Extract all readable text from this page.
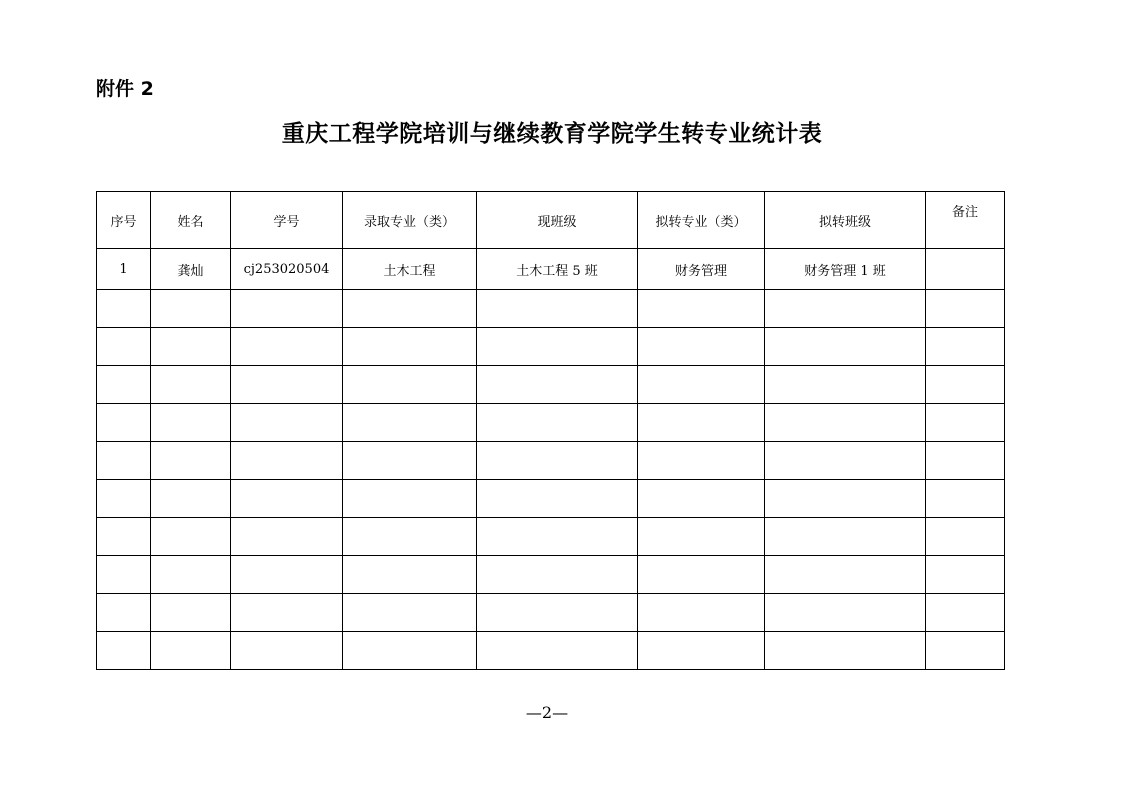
附件 2
重庆工程学院培训与继续教育学院学生转专业统计表
序号	姓名	学号	录取专业（类）	现班级	拟转专业（类）	拟转班级	备注
1	龚灿	cj253020504	土木工程	土木工程 5 班	财务管理	财务管理 1 班	

—2—
